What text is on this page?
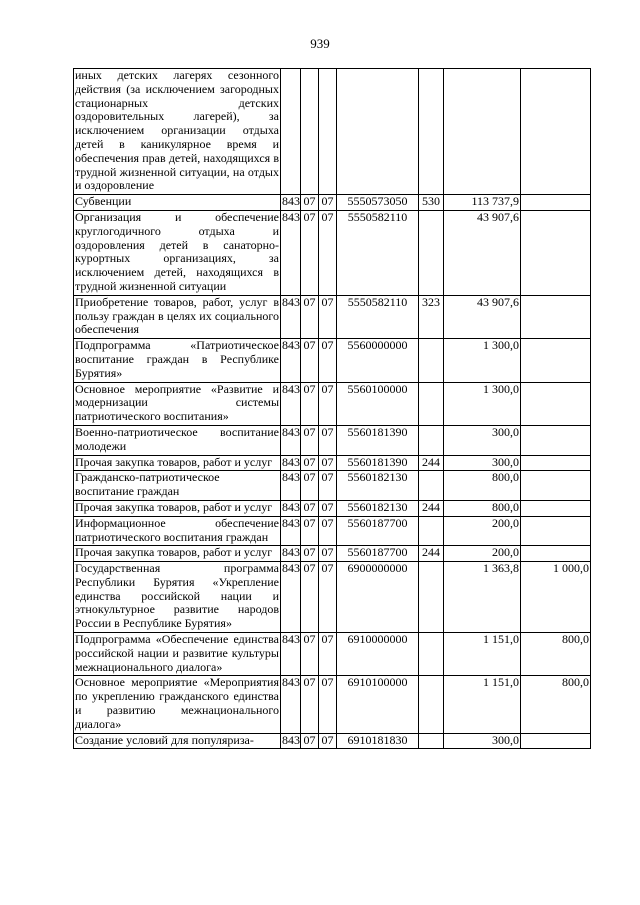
939
иных детских лагерях сезонного действия (за исключением загородных стационарных детских оздоровительных лагерей), за исключением организации отдыха детей в каникулярное время и обеспечения прав детей, находящихся в трудной жизненной ситуации, на отдых и оздоровление							
Субвенции	843	07	07	5550573050	530	113 737,9	
Организация и обеспечение круглогодичного отдыха и оздоровления детей в санаторно-курортных организациях, за исключением детей, находящихся в трудной жизненной ситуации	843	07	07	5550582110		43 907,6	
Приобретение товаров, работ, услуг в пользу граждан в целях их социального обеспечения	843	07	07	5550582110	323	43 907,6	
Подпрограмма «Патриотическое воспитание граждан в Республике Бурятия»	843	07	07	5560000000		1 300,0	
Основное мероприятие «Развитие и модернизации системы патриотического воспитания»	843	07	07	5560100000		1 300,0	
Военно-патриотическое воспитание молодежи	843	07	07	5560181390		300,0	
Прочая закупка товаров, работ и услуг	843	07	07	5560181390	244	300,0	
Гражданско-патриотическое воспитание граждан	843	07	07	5560182130		800,0	
Прочая закупка товаров, работ и услуг	843	07	07	5560182130	244	800,0	
Информационное обеспечение патриотического воспитания граждан	843	07	07	5560187700		200,0	
Прочая закупка товаров, работ и услуг	843	07	07	5560187700	244	200,0	
Государственная программа Республики Бурятия «Укрепление единства российской нации и этнокультурное развитие народов России в Республике Бурятия»	843	07	07	6900000000		1 363,8	1 000,0
Подпрограмма «Обеспечение единства российской нации и развитие культуры межнационального диалога»	843	07	07	6910000000		1 151,0	800,0
Основное мероприятие «Мероприятия по укреплению гражданского единства и развитию межнационального диалога»	843	07	07	6910100000		1 151,0	800,0
Создание условий для популяриза-	843	07	07	6910181830		300,0	
